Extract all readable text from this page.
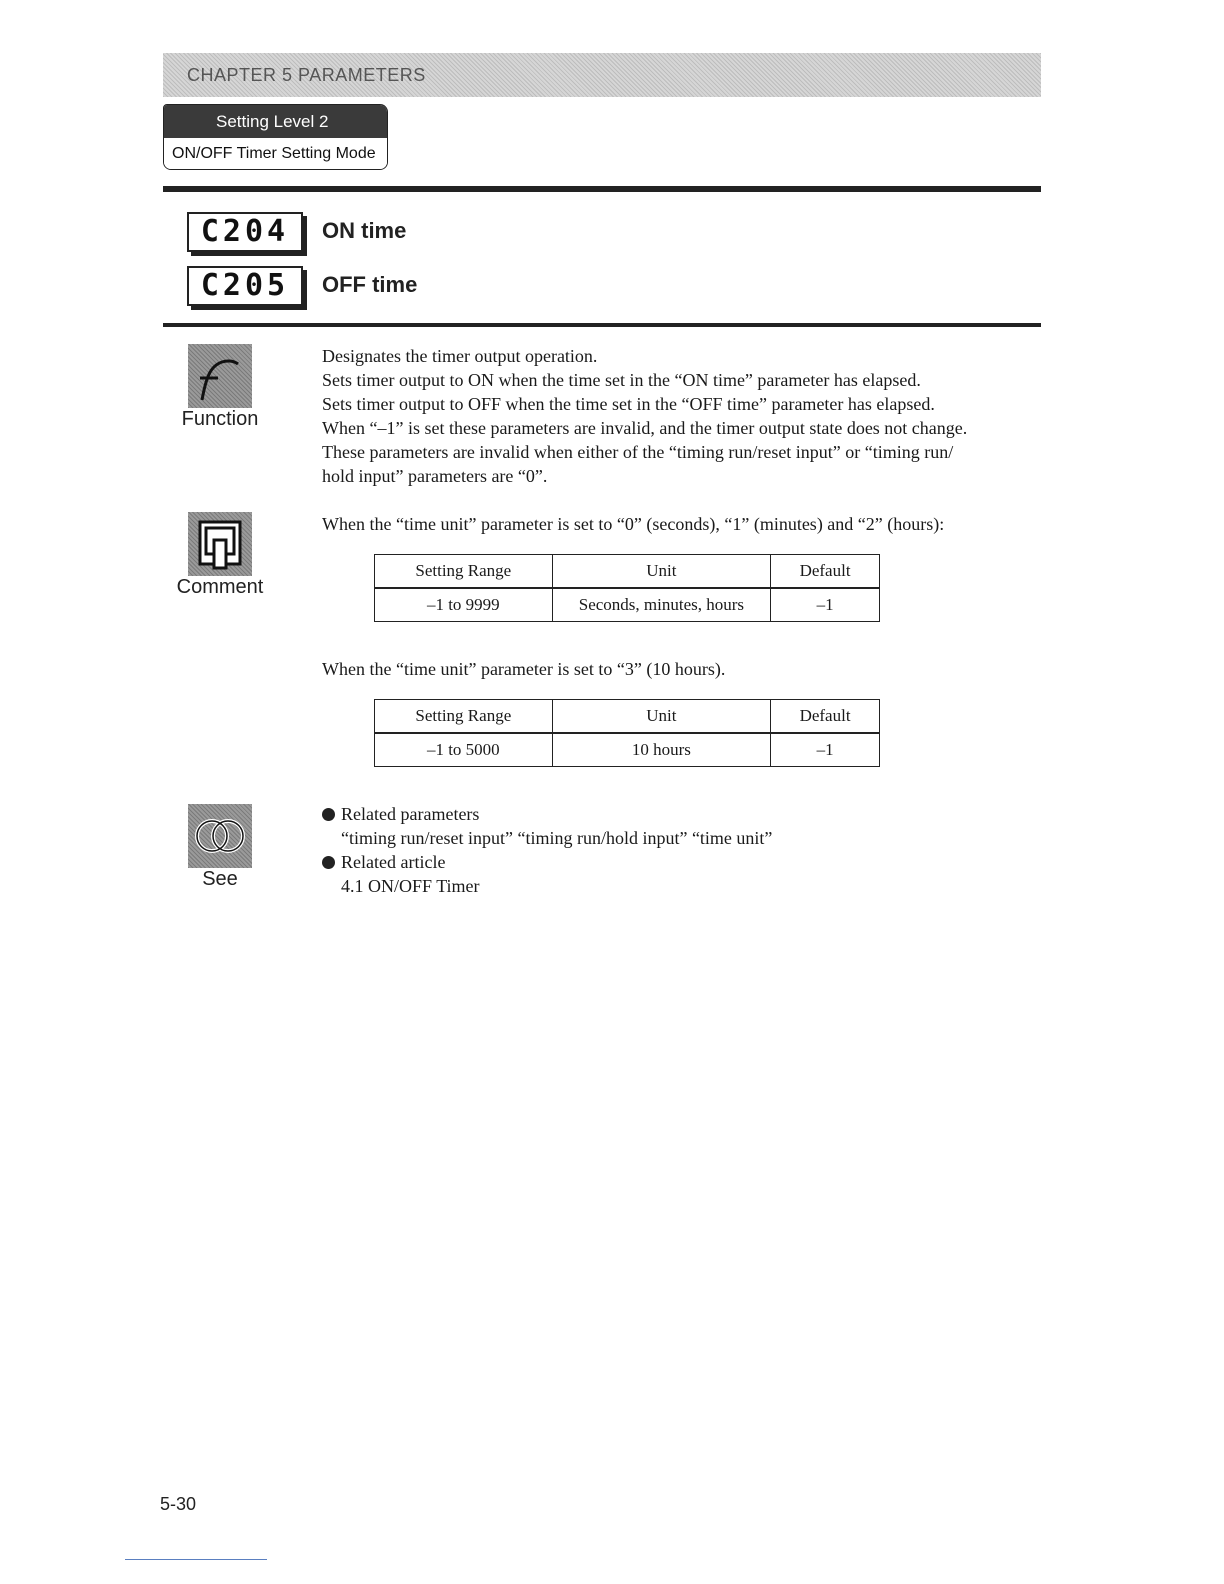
CHAPTER 5 PARAMETERS
Setting Level 2
ON/OFF Timer Setting Mode
C204	ON time
C205	OFF time
Function

Designates the timer output operation.

Sets timer output to ON when the time set in the “ON time” parameter has elapsed.

Sets timer output to OFF when the time set in the “OFF time” parameter has elapsed.

When “–1” is set these parameters are invalid, and the timer output state does not change.

These parameters are invalid when either of the “timing run/reset input” or “timing run/

hold input” parameters are “0”.

Comment
When the “time unit” parameter is set to “0” (seconds), “1” (minutes) and “2” (hours):
Setting Range	Unit	Default
–1 to 9999	Seconds, minutes, hours	–1
When the “time unit” parameter is set to “3” (10 hours).
Setting Range	Unit	Default
–1 to 5000	10 hours	–1
See
Related parameters
“timing run/reset input” “timing run/hold input” “time unit”
Related article
4.1 ON/OFF Timer
5-30
